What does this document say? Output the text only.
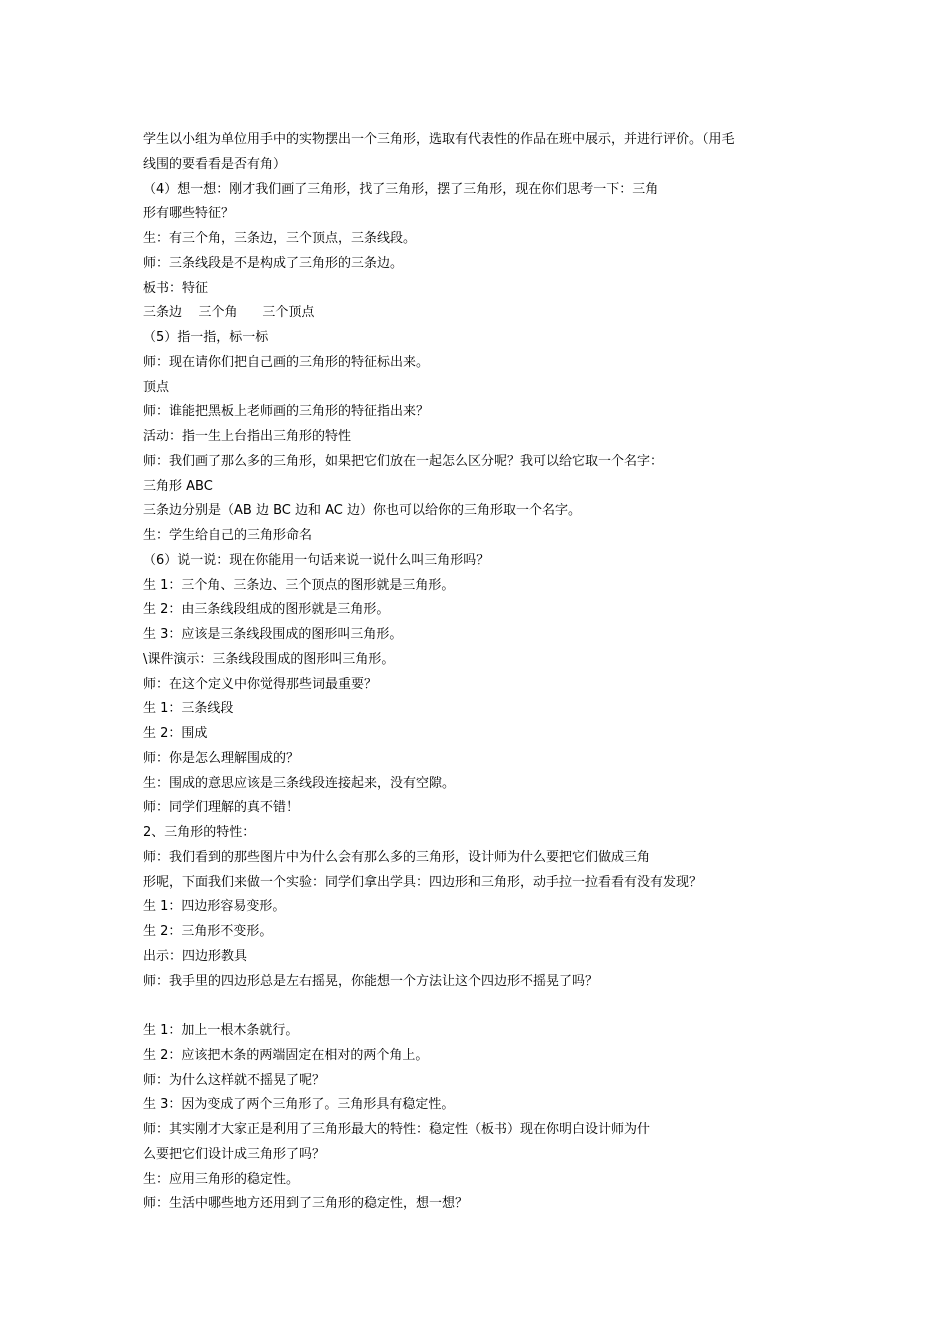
学生以小组为单位用手中的实物摆出一个三角形，选取有代表性的作品在班中展示，并进行评价。（用毛
线围的要看看是否有角）
（4）想一想：刚才我们画了三角形，找了三角形，摆了三角形，现在你们思考一下：三角
形有哪些特征？
生：有三个角，三条边，三个顶点，三条线段。
师：三条线段是不是构成了三角形的三条边。
板书：特征
三条边    三个角      三个顶点
（5）指一指，标一标
师：现在请你们把自己画的三角形的特征标出来。
顶点
师：谁能把黑板上老师画的三角形的特征指出来？
活动：指一生上台指出三角形的特性
师：我们画了那么多的三角形，如果把它们放在一起怎么区分呢？我可以给它取一个名字：
三角形 ABC
三条边分别是（AB 边 BC 边和 AC 边）你也可以给你的三角形取一个名字。
生：学生给自己的三角形命名
（6）说一说：现在你能用一句话来说一说什么叫三角形吗？
生 1：三个角、三条边、三个顶点的图形就是三角形。
生 2：由三条线段组成的图形就是三角形。
生 3：应该是三条线段围成的图形叫三角形。
\课件演示：三条线段围成的图形叫三角形。
师：在这个定义中你觉得那些词最重要？
生 1：三条线段
生 2：围成
师：你是怎么理解围成的？
生：围成的意思应该是三条线段连接起来，没有空隙。
师：同学们理解的真不错！
2、三角形的特性：
师：我们看到的那些图片中为什么会有那么多的三角形，设计师为什么要把它们做成三角
形呢，下面我们来做一个实验：同学们拿出学具：四边形和三角形，动手拉一拉看看有没有发现？
生 1：四边形容易变形。
生 2：三角形不变形。
出示：四边形教具
师：我手里的四边形总是左右摇晃，你能想一个方法让这个四边形不摇晃了吗？
生 1：加上一根木条就行。
生 2：应该把木条的两端固定在相对的两个角上。
师：为什么这样就不摇晃了呢？
生 3：因为变成了两个三角形了。三角形具有稳定性。
师：其实刚才大家正是利用了三角形最大的特性：稳定性（板书）现在你明白设计师为什
么要把它们设计成三角形了吗？
生：应用三角形的稳定性。
师：生活中哪些地方还用到了三角形的稳定性，想一想？
